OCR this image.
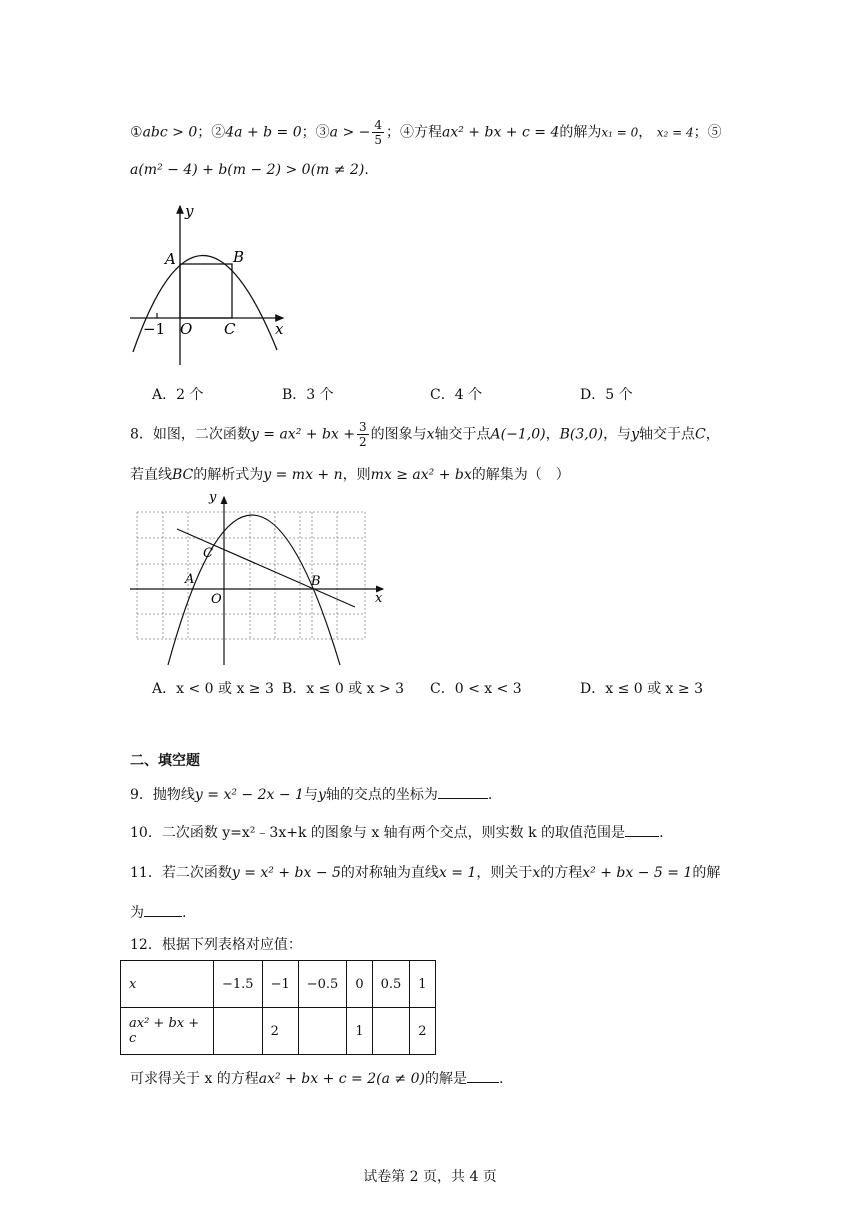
①abc > 0；②4a + b = 0；③a > − $\frac{4}{5}$ ；④方程ax² + bx + c = 4的解为x₁ = 0， x₂ = 4；⑤
a(m² − 4) + b(m − 2) > 0(m ≠ 2).
y
A	B
−1 O C	x
A．2 个	B．3 个	C．4 个	D．5 个
8．如图，二次函数y = ax² + bx + $\frac{3}{2}$ 的图象与x轴交于点A(−1,0)，B(3,0)，与y轴交于点C，
若直线BC的解析式为y = mx + n，则mx ≥ ax² + bx的解集为（　）
y
C
A	B
O	x
A．x < 0 或 x ≥ 3 B．x ≤ 0 或 x > 3 C．0 < x < 3	D．x ≤ 0 或 x ≥ 3
二、填空题
9．抛物线y = x² − 2x − 1与y轴的交点的坐标为	.
10．二次函数 y=x²﹣3x+k 的图象与 x 轴有两个交点，则实数 k 的取值范围是 .
11．若二次函数y = x² + bx − 5的对称轴为直线x = 1，则关于x的方程x² + bx − 5 = 1的解
为	.
12．根据下列表格对应值：
x	−1.5	−1	−0.5	0	0.5	1
ax² + bx + c		2		1		2
可求得关于 x 的方程ax² + bx + c = 2(a ≠ 0)的解是 .
试卷第 2 页，共 4 页
